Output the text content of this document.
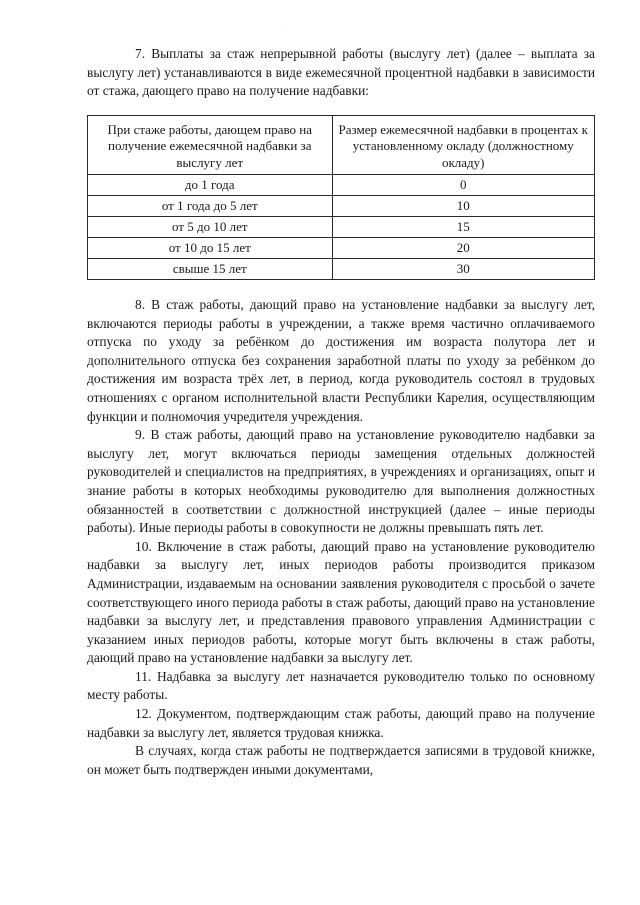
·

7. Выплаты за стаж непрерывной работы (выслугу лет) (далее – выплата за выслугу лет) устанавливаются в виде ежемесячной процентной надбавки в зависимости от стажа, дающего право на получение надбавки:

При стаже работы, дающем право на получение ежемесячной надбавки за выслугу лет	Размер ежемесячной надбавки в процентах к установленному окладу (должностному окладу)
до 1 года	0
от 1 года до 5 лет	10
от 5 до 10 лет	15
от 10 до 15 лет	20
свыше 15 лет	30

8. В стаж работы, дающий право на установление надбавки за выслугу лет, включаются периоды работы в учреждении, а также время частично оплачиваемого отпуска по уходу за ребёнком до достижения им возраста полутора лет и дополнительного отпуска без сохранения заработной платы по уходу за ребёнком до достижения им возраста трёх лет, в период, когда руководитель состоял в трудовых отношениях с органом исполнительной власти Республики Карелия, осуществляющим функции и полномочия учредителя учреждения.

9. В стаж работы, дающий право на установление руководителю надбавки за выслугу лет, могут включаться периоды замещения отдельных должностей руководителей и специалистов на предприятиях, в учреждениях и организациях, опыт и знание работы в которых необходимы руководителю для выполнения должностных обязанностей в соответствии с должностной инструкцией (далее – иные периоды работы). Иные периоды работы в совокупности не должны превышать пять лет.

10. Включение в стаж работы, дающий право на установление руководителю надбавки за выслугу лет, иных периодов работы производится приказом Администрации, издаваемым на основании заявления руководителя с просьбой о зачете соответствующего иного периода работы в стаж работы, дающий право на установление надбавки за выслугу лет, и представления правового управления Администрации с указанием иных периодов работы, которые могут быть включены в стаж работы, дающий право на установление надбавки за выслугу лет.

11. Надбавка за выслугу лет назначается руководителю только по основному месту работы.

12. Документом, подтверждающим стаж работы, дающий право на получение надбавки за выслугу лет, является трудовая книжка.

В случаях, когда стаж работы не подтверждается записями в трудовой книжке, он может быть подтвержден иными документами,
